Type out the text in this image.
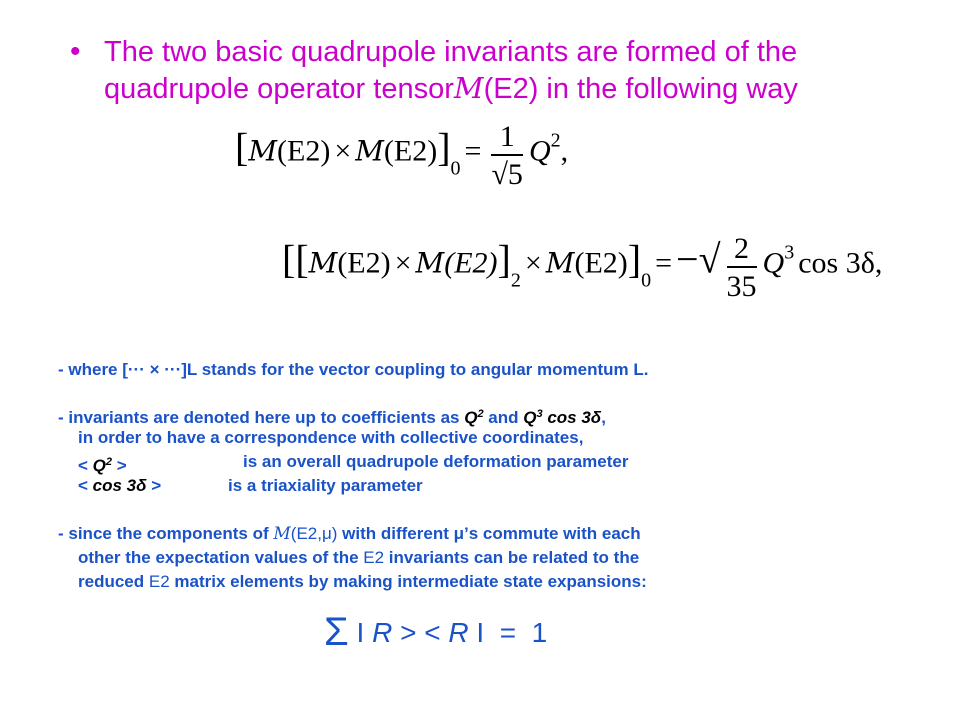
• The two basic quadrupole invariants are formed of the quadrupole operator tensorM(E2) in the following way
$[M(E2) \times M(E2)]0 = \frac{1}{√5} Q2$,
[[M(E2) × M(E2)]2 × M(E2)]0 = −√ $\frac{2}{35} Q3$ cos 3δ,
- where [··· × ···]L stands for the vector coupling to angular momentum L.
- invariants are denoted here up to coefficients as $Q^2$ and $Q^3$ cos 3δ,
in order to have a correspondence with collective coordinates,
< $Q^2$ >	is an overall quadrupole deformation parameter
< cos 3δ >	is a triaxiality parameter
- since the components of M(E2,μ) with different μ’s commute with each
other the expectation values of the E2 invariants can be related to the
reduced E2 matrix elements by making intermediate state expansions:
Σ I R > < R I = 1
